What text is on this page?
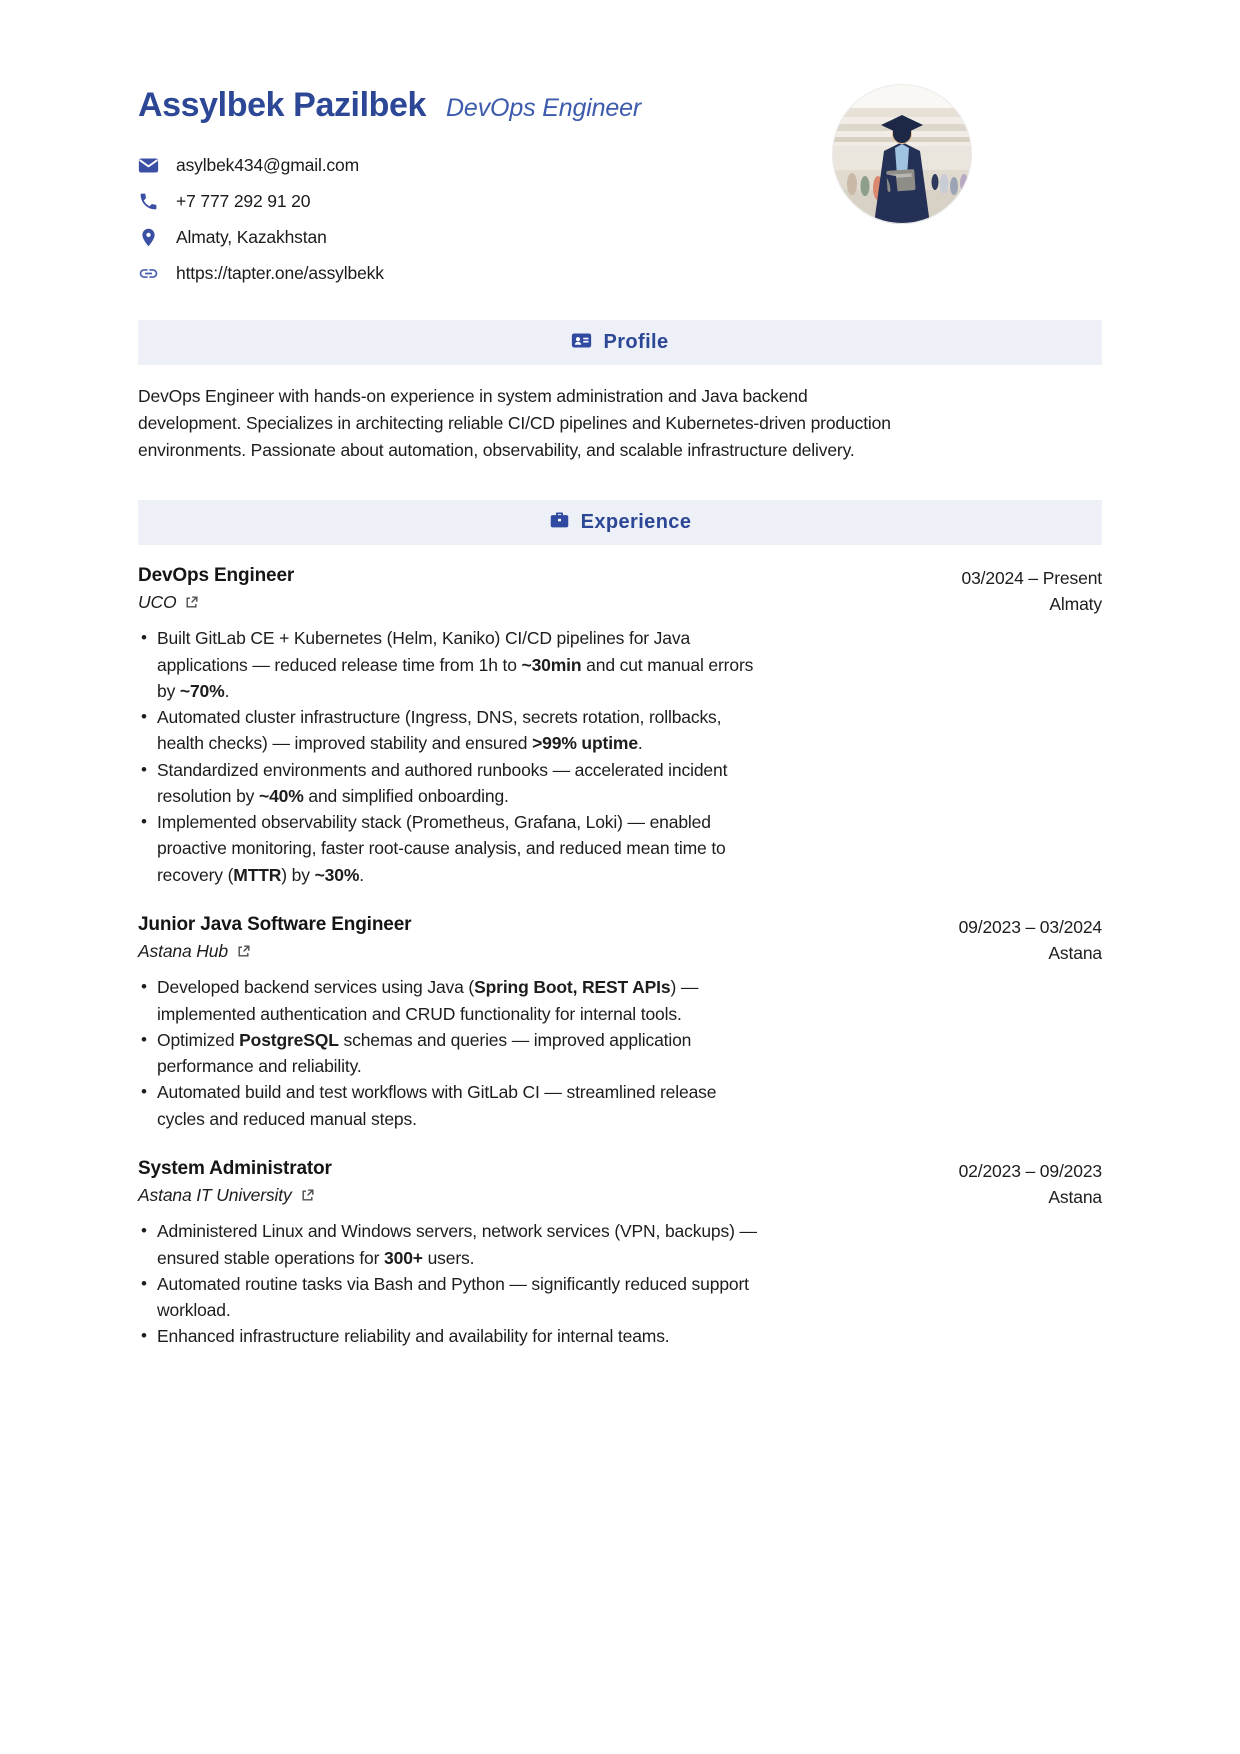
Assylbek Pazilbek DevOps Engineer
asylbek434@gmail.com
+7 777 292 91 20
Almaty, Kazakhstan
https://tapter.one/assylbekk
Profile

DevOps Engineer with hands-on experience in system administration and Java backend development. Specializes in architecting reliable CI/CD pipelines and Kubernetes-driven production environments. Passionate about automation, observability, and scalable infrastructure delivery.

Experience
DevOps Engineer
UCO
03/2024 – Present
Almaty
• Built GitLab CE + Kubernetes (Helm, Kaniko) CI/CD pipelines for Java applications — reduced release time from 1h to ~30min and cut manual errors by ~70%.
• Automated cluster infrastructure (Ingress, DNS, secrets rotation, rollbacks, health checks) — improved stability and ensured >99% uptime.
• Standardized environments and authored runbooks — accelerated incident resolution by ~40% and simplified onboarding.
• Implemented observability stack (Prometheus, Grafana, Loki) — enabled proactive monitoring, faster root-cause analysis, and reduced mean time to recovery (MTTR) by ~30%.
Junior Java Software Engineer
Astana Hub
09/2023 – 03/2024
Astana
• Developed backend services using Java (Spring Boot, REST APIs) — implemented authentication and CRUD functionality for internal tools.
• Optimized PostgreSQL schemas and queries — improved application performance and reliability.
• Automated build and test workflows with GitLab CI — streamlined release cycles and reduced manual steps.
System Administrator
Astana IT University
02/2023 – 09/2023
Astana
• Administered Linux and Windows servers, network services (VPN, backups) — ensured stable operations for 300+ users.
• Automated routine tasks via Bash and Python — significantly reduced support workload.
• Enhanced infrastructure reliability and availability for internal teams.
